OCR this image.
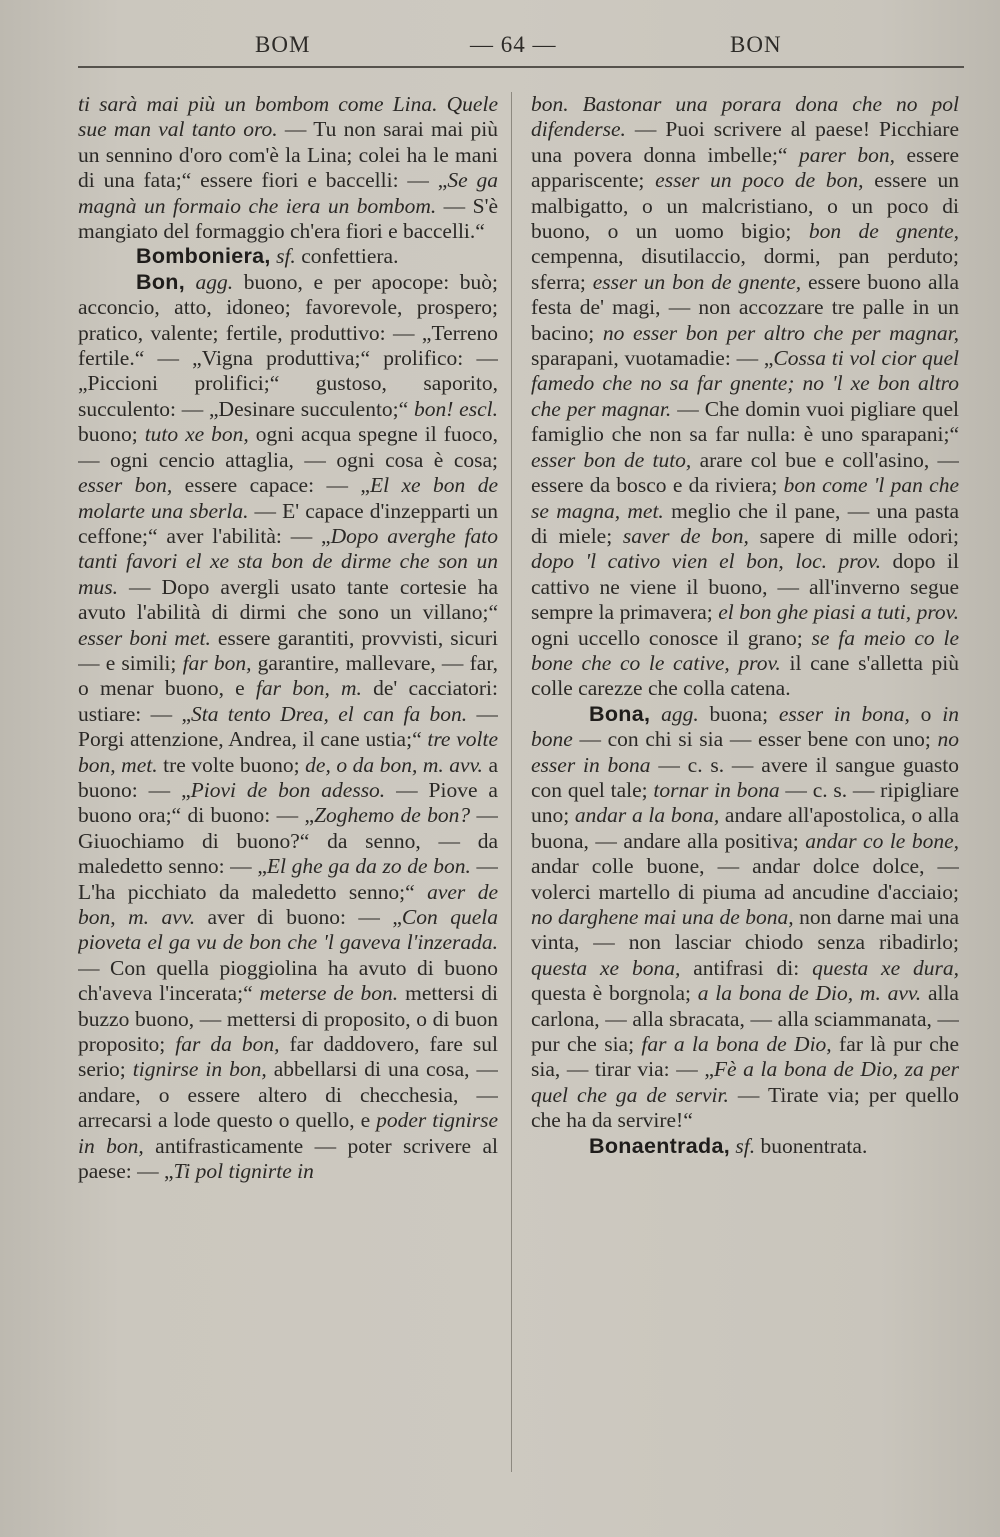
BOM	— 64 —	BON

ti sarà mai più un bombom come Lina. Quele sue man val tanto oro. — Tu non sarai mai più un sennino d'oro com'è la Lina; colei ha le mani di una fata;“ essere fiori e baccelli: — „Se ga magnà un formaio che iera un bombom. — S'è mangiato del formaggio ch'era fiori e baccelli.“

Bomboniera, sf. confettiera.

Bon, agg. buono, e per apocope: buò; acconcio, atto, idoneo; favorevole, prospero; pratico, valente; fertile, produttivo: — „Terreno fertile.“ — „Vigna produttiva;“ prolifico: — „Piccioni prolifici;“ gustoso, saporito, succulento: — „Desinare succulento;“ bon! escl. buono; tuto xe bon, ogni acqua spegne il fuoco, — ogni cencio attaglia, — ogni cosa è cosa; esser bon, essere capace: — „El xe bon de molarte una sberla. — E' capace d'inzepparti un ceffone;“ aver l'abilità: — „Dopo averghe fato tanti favori el xe sta bon de dirme che son un mus. — Dopo avergli usato tante cortesie ha avuto l'abilità di dirmi che sono un villano;“ esser boni met. essere garantiti, provvisti, sicuri — e simili; far bon, garantire, mallevare, — far, o menar buono, e far bon, m. de' cacciatori: ustiare: — „Sta tento Drea, el can fa bon. — Porgi attenzione, Andrea, il cane ustia;“ tre volte bon, met. tre volte buono; de, o da bon, m. avv. a buono: — „Piovi de bon adesso. — Piove a buono ora;“ di buono: — „Zoghemo de bon? — Giuochiamo di buono?“ da senno, — da maledetto senno: — „El ghe ga da zo de bon. — L'ha picchiato da maledetto senno;“ aver de bon, m. avv. aver di buono: — „Con quela pioveta el ga vu de bon che 'l gaveva l'inzerada. — Con quella pioggiolina ha avuto di buono ch'aveva l'incerata;“ meterse de bon. mettersi di buzzo buono, — mettersi di proposito, o di buon proposito; far da bon, far daddovero, fare sul serio; tignirse in bon, abbellarsi di una cosa, — andare, o essere altero di checchesia, — arrecarsi a lode questo o quello, e poder tignirse in bon, antifrasticamente — poter scrivere al paese: — „Ti pol tignirte in

bon. Bastonar una porara dona che no pol difenderse. — Puoi scrivere al paese! Picchiare una povera donna imbelle;“ parer bon, essere appariscente; esser un poco de bon, essere un malbigatto, o un malcristiano, o un poco di buono, o un uomo bigio; bon de gnente, cempenna, disutilaccio, dormi, pan perduto; sferra; esser un bon de gnente, essere buono alla festa de' magi, — non accozzare tre palle in un bacino; no esser bon per altro che per magnar, sparapani, vuotamadie: — „Cossa ti vol cior quel famedo che no sa far gnente; no 'l xe bon altro che per magnar. — Che domin vuoi pigliare quel famiglio che non sa far nulla: è uno sparapani;“ esser bon de tuto, arare col bue e coll'asino, — essere da bosco e da riviera; bon come 'l pan che se magna, met. meglio che il pane, — una pasta di miele; saver de bon, sapere di mille odori; dopo 'l cativo vien el bon, loc. prov. dopo il cattivo ne viene il buono, — all'inverno segue sempre la primavera; el bon ghe piasi a tuti, prov. ogni uccello conosce il grano; se fa meio co le bone che co le cative, prov. il cane s'alletta più colle carezze che colla catena.

Bona, agg. buona; esser in bona, o in bone — con chi si sia — esser bene con uno; no esser in bona — c. s. — avere il sangue guasto con quel tale; tornar in bona — c. s. — ripigliare uno; andar a la bona, andare all'apostolica, o alla buona, — andare alla positiva; andar co le bone, andar colle buone, — andar dolce dolce, — volerci martello di piuma ad ancudine d'acciaio; no darghene mai una de bona, non darne mai una vinta, — non lasciar chiodo senza ribadirlo; questa xe bona, antifrasi di: questa xe dura, questa è borgnola; a la bona de Dio, m. avv. alla carlona, — alla sbracata, — alla sciammanata, — pur che sia; far a la bona de Dio, far là pur che sia, — tirar via: — „Fè a la bona de Dio, za per quel che ga de servir. — Tirate via; per quello che ha da servire!“

Bonaentrada, sf. buonentrata.
